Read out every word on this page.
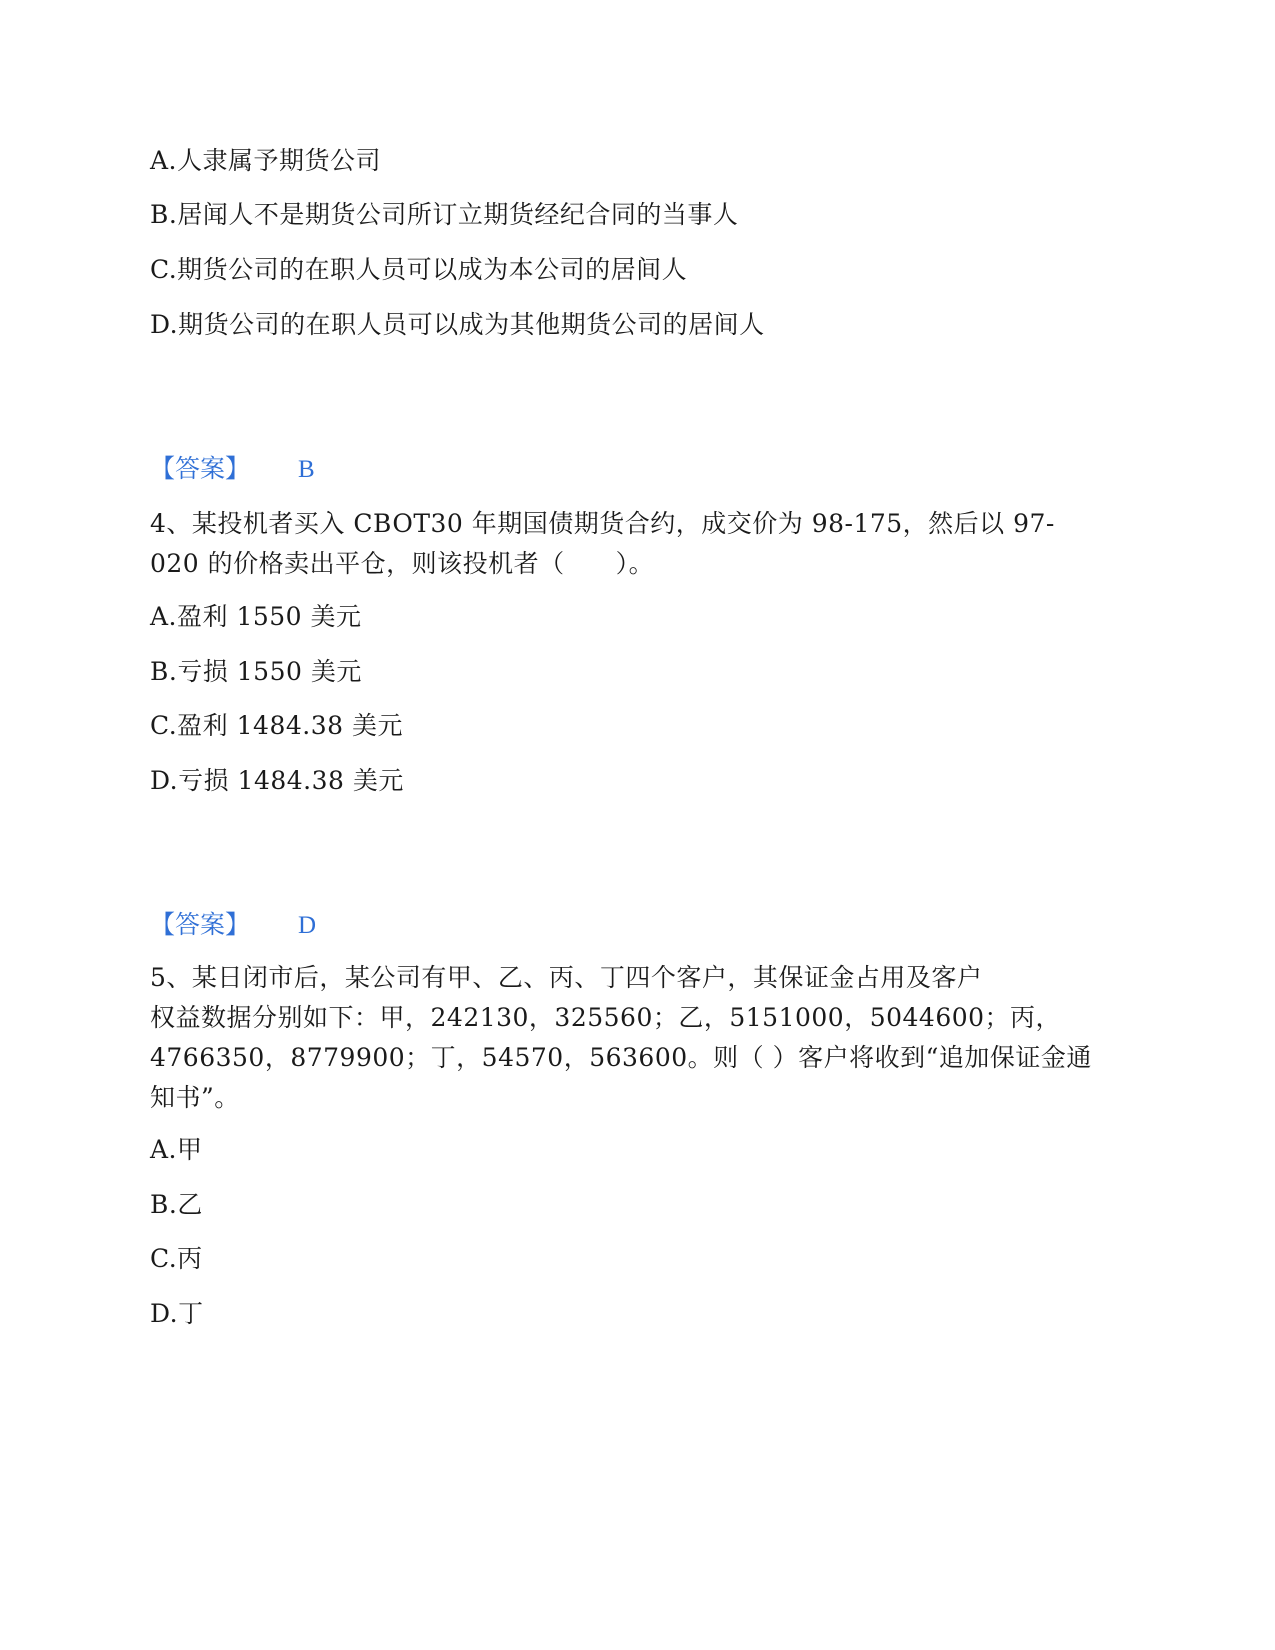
A.人隶属予期货公司
B.居闻人不是期货公司所订立期货经纪合同的当事人
C.期货公司的在职人员可以成为本公司的居间人
D.期货公司的在职人员可以成为其他期货公司的居间人
【答案】 B
4、某投机者买入 CBOT30 年期国债期货合约，成交价为 98-175，然后以 97-
020 的价格卖出平仓，则该投机者（　　）。
A.盈利 1550 美元
B.亏损 1550 美元
C.盈利 1484.38 美元
D.亏损 1484.38 美元
【答案】 D
5、某日闭市后，某公司有甲、乙、丙、丁四个客户，其保证金占用及客户
权益数据分别如下：甲，242130，325560；乙，5151000，5044600；丙，
4766350，8779900；丁，54570，563600。则（ ）客户将收到“追加保证金通
知书”。
A.甲
B.乙
C.丙
D.丁
